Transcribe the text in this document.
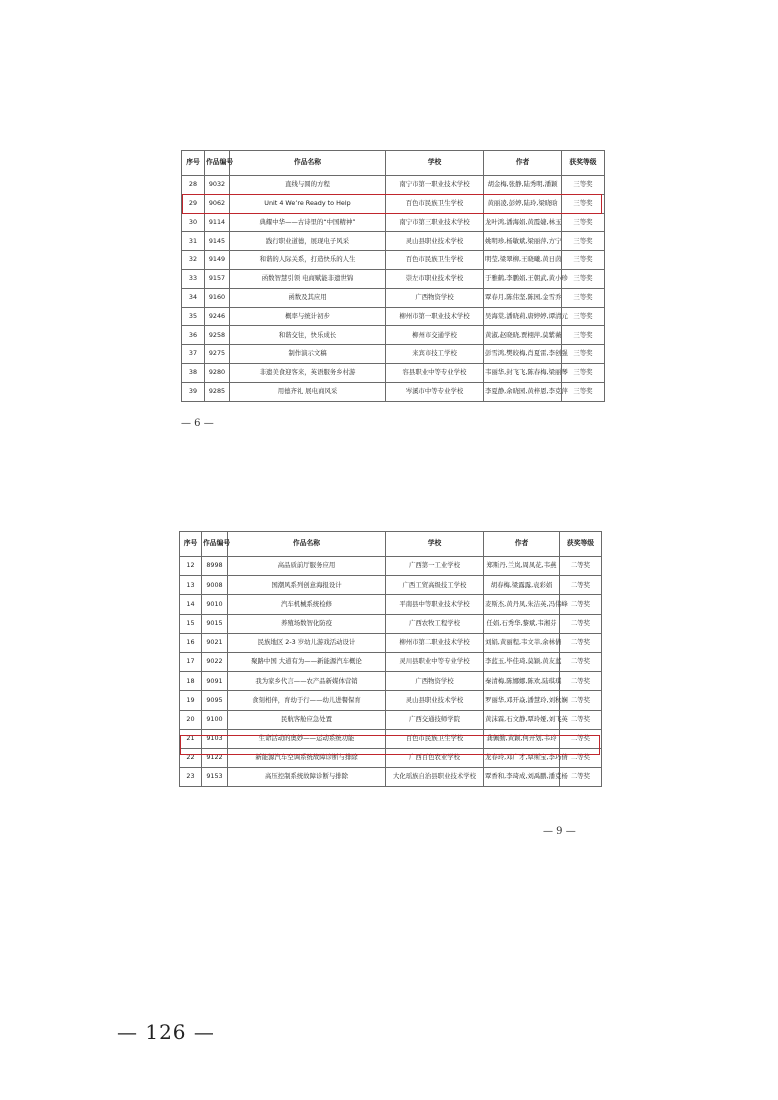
序号	作品编号	作品名称	学校	作者	获奖等级
28	9032	直线与圆的方程	南宁市第一职业技术学校	胡金梅,张静,陆秀明,潘颖	三等奖
29	9062	Unit 4 We’re Ready to Help	百色市民族卫生学校	黄丽凌,彭婷,陆玲,梁晓晗	三等奖
30	9114	典耀中华——古诗里的“中国精神”	南宁市第三职业技术学校	龙叶鸿,潘海娟,黄霞婕,林玉	三等奖
31	9145	践行职业道德，展现电子风采	灵山县职业技术学校	姚明珍,杨敏斌,梁丽萍,方宁	三等奖
32	9149	和谐的人际关系，打造快乐的人生	百色市民族卫生学校	明莹,梁翠柳,王晓曦,黄日茵	三等奖
33	9157	函数智慧引领 电商赋能非遗世锦	崇左市职业技术学校	于雅鹤,李鹏娟,王朝武,黄小珍	三等奖
34	9160	函数及其应用	广西物资学校	覃春月,陈伟坚,陈园,金雪乔	三等奖
35	9246	概率与统计初步	柳州市第一职业技术学校	吴海棠,潘晓莉,唐婷婷,谭清元	三等奖
36	9258	和谐交往，快乐成长	柳州市交通学校	黄淑,赵晓晓,贾栩萍,莫紫薇	三等奖
37	9275	制作演示文稿	来宾市技工学校	彭雪鸿,樊皎梅,肖夏雷,李创强	三等奖
38	9280	非遗美食迎客来，英语服务乡村游	容县职业中等专业学校	韦丽华,封飞飞,陈春梅,梁丽琴	三等奖
39	9285	用德齐礼 展电商风采	岑溪市中等专业学校	李夏静,余晓园,黄梓恩,李克萍	三等奖
序号	作品编号	作品名称	学校	作者	获奖等级
12	8998	高品质前厅服务应用	广西第一工业学校	郑斯丹,兰岚,周凤花,韦燕	二等奖
13	9008	国潮风系列创意海报设计	广西工贸高级技工学校	胡春梅,梁露露,袁彩娟	二等奖
14	9010	汽车机械系统检修	平南县中等职业技术学校	麦斯杰,黄丹凤,朱洁英,冯伟峰	二等奖
15	9015	养殖场数智化防疫	广西农牧工程学校	任娟,石秀华,黎斌,韦湘芬	二等奖
16	9021	民族地区 2-3 岁幼儿游戏活动设计	柳州市第二职业技术学校	刘娟,黄丽程,韦文莘,余林倩	二等奖
17	9022	聚路中国 大道有为——新能源汽车概论	灵川县职业中等专业学校	李蓝玉,毕佳琦,莫颖,黄友蓝	二等奖
18	9091	我为家乡代言——农产品新媒体营销	广西物资学校	秦清梅,陈娜娜,陈欢,陆琪琪	二等奖
19	9095	食刻相伴，育幼于行——幼儿进餐保育	灵山县职业技术学校	罗丽华,邓开焱,潘慧玲,刘秋娴	二等奖
20	9100	民航客舱应急处置	广西交通技师学院	黄沫霖,石文静,覃玲娅,刘飞英	二等奖
21	9103	生命活动的奥妙——运动系统功能	百色市民族卫生学校	龚佩勤,黄颖,何开划,韦玲	二等奖
22	9122	新能源汽车空调系统故障诊断与排除	广西百色农业学校	龙春玲,邓广才,覃斯宝,李巧倩	二等奖
23	9153	高压控制系统故障诊断与排除	大化瑶族自治县职业技术学校	覃香和,李琦成,刘禹鹏,潘克杨	二等奖
— 6 —
— 9 —
— 126 —
